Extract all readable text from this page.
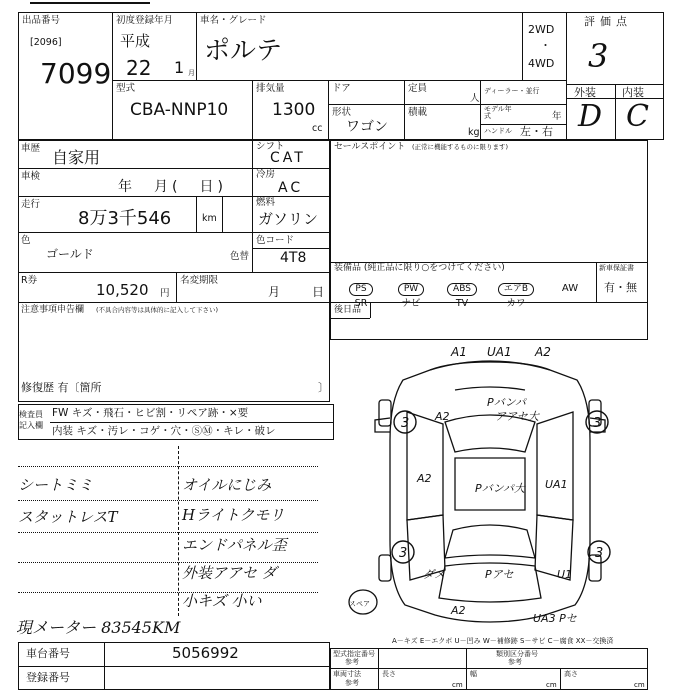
出品番号
[2096]
7099
初度登録年月
平成
22 1 月
車名・グレード
ポルテ
2WD
・
4WD
評価点
3
型式
CBA-NNP10
排気量
1300
cc
ドア	定員
人
ディーラー・並行
形状
ワゴン
積載
kg
モデル年式	年
ハンドル 左・右
外装 内装
D C
車歴 自家用
シフト
CAT
車検
年　月(　日)
冷房
AC
走行
8万3千546	km
燃料
ガソリン
色
ゴールド	色替
色コード
4T8
R券
10,520 円
名変期限
月　日
注意事項申告欄 (不具合内容等は具体的に記入して下さい)
修復歴 有〔箇所	〕
セールスポイント (正常に機能するものに限ります)
装備品 (純正品に限り○をつけてください)	新車保証書
有・無
PS
SR
PW
ナビ
ABS
TV
エアB
カワ
AW
後日品
検査員 記入欄
FW キズ・飛石・ヒビ割・リペア跡・×要
内装 キズ・汚レ・コゲ・穴・ⓈⓂ・キレ・破レ
シートミミ
スタットレスT
オイルにじみ
Hライトクモリ
エンドパネル歪
外装アアセ ダ
小キズ 小い
現メーター 83545KM
3	3
3	3
A1 UA1 A2
Pバンパ
アアセ大
A2
Pバンパ大
A2	UA1
ダメ	Pアセ	U1
A2
UA3 Pセ
スペア
A－キズ E－エクボ U－凹み W－補修跡 S－サビ C－腐食 XX－交換済
車台番号	5056992
登録番号
型式指定番号
参考
類別区分番号
参考
車両寸法
参考
長さ
cm
幅
cm
高さ
cm
